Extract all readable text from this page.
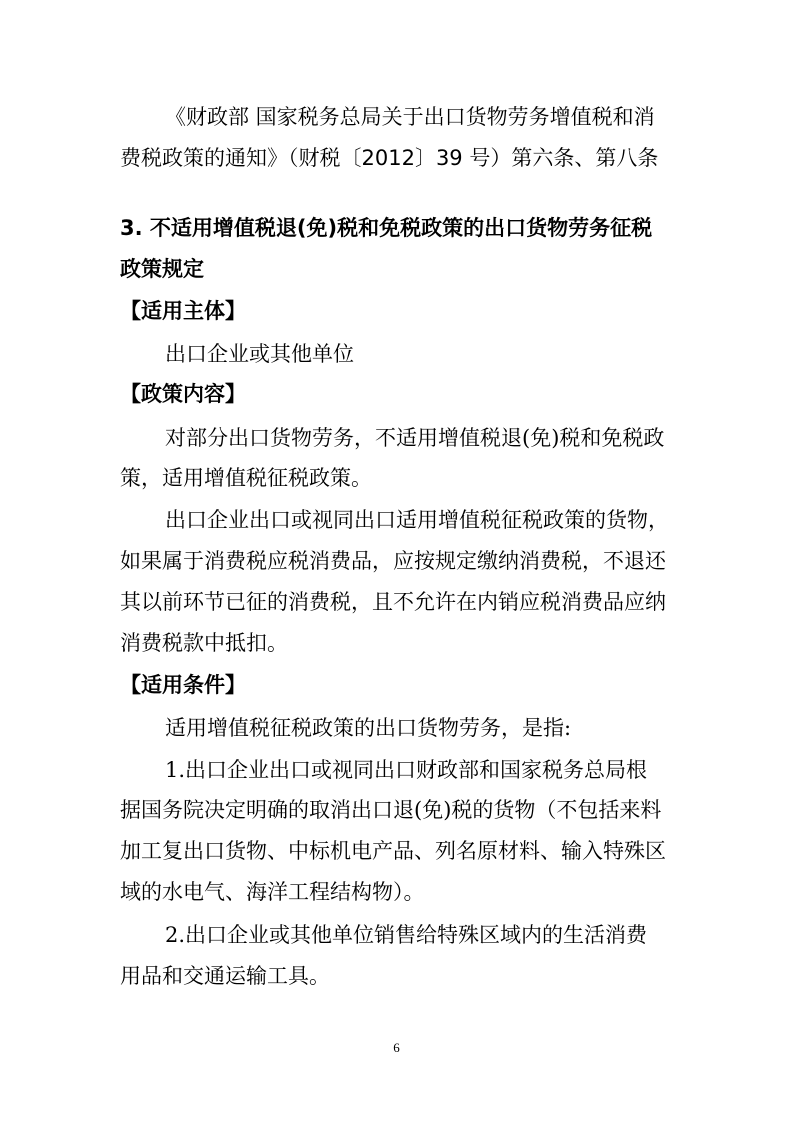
《财政部 国家税务总局关于出口货物劳务增值税和消
费税政策的通知》（财税〔2012〕39 号）第六条、第八条
3. 不适用增值税退(免)税和免税政策的出口货物劳务征税
政策规定
【适用主体】
出口企业或其他单位
【政策内容】
对部分出口货物劳务，不适用增值税退(免)税和免税政
策，适用增值税征税政策。
出口企业出口或视同出口适用增值税征税政策的货物，
如果属于消费税应税消费品，应按规定缴纳消费税，不退还
其以前环节已征的消费税，且不允许在内销应税消费品应纳
消费税款中抵扣。
【适用条件】
适用增值税征税政策的出口货物劳务，是指:
1.出口企业出口或视同出口财政部和国家税务总局根
据国务院决定明确的取消出口退(免)税的货物（不包括来料
加工复出口货物、中标机电产品、列名原材料、输入特殊区
域的水电气、海洋工程结构物）。
2.出口企业或其他单位销售给特殊区域内的生活消费
用品和交通运输工具。
6
